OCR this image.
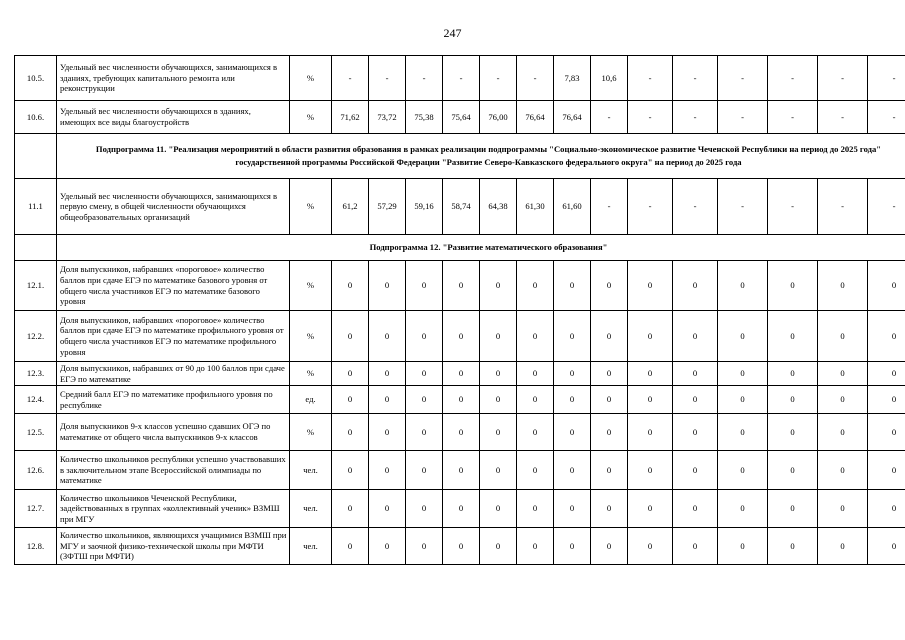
247
10.5.	Удельный вес численности обучающихся, занимающихся в зданиях, требующих капитального ремонта или реконструкции	%	-	-	-	-	-	-	7,83	10,6	-	-	-	-	-	-
10.6.	Удельный вес численности обучающихся в зданиях, имеющих все виды благоустройств	%	71,62	73,72	75,38	75,64	76,00	76,64	76,64	-	-	-	-	-	-	-
	Подпрограмма 11. "Реализация мероприятий в области развития образования в рамках реализации подпрограммы "Социально-экономическое развитие Чеченской Республики на период до 2025 года" государственной программы Российской Федерации "Развитие Северо-Кавказского федерального округа" на период до 2025 года															
11.1	Удельный вес численности обучающихся, занимающихся в первую смену, в общей численности обучающихся общеобразовательных организаций	%	61,2	57,29	59,16	58,74	64,38	61,30	61,60	-	-	-	-	-	-	-
	Подпрограмма 12. "Развитие математического образования"															
12.1.	Доля выпускников, набравших «пороговое» количество баллов при сдаче ЕГЭ по математике базового уровня от общего числа участников ЕГЭ по математике базового уровня	%	0	0	0	0	0	0	0	0	0	0	0	0	0	0
12.2.	Доля выпускников, набравших «пороговое» количество баллов при сдаче ЕГЭ по математике профильного уровня от общего числа участников ЕГЭ по математике профильного уровня	%	0	0	0	0	0	0	0	0	0	0	0	0	0	0
12.3.	Доля выпускников, набравших от 90 до 100 баллов при сдаче ЕГЭ по математике	%	0	0	0	0	0	0	0	0	0	0	0	0	0	0
12.4.	Средний балл ЕГЭ по математике профильного уровня по республике	ед.	0	0	0	0	0	0	0	0	0	0	0	0	0	0
12.5.	Доля выпускников 9-х классов успешно сдавших ОГЭ по математике от общего числа выпускников 9-х классов	%	0	0	0	0	0	0	0	0	0	0	0	0	0	0
12.6.	Количество школьников республики успешно участвовавших в заключительном этапе Всероссийской олимпиады по математике	чел.	0	0	0	0	0	0	0	0	0	0	0	0	0	0
12.7.	Количество школьников Чеченской Республики, задействованных в группах «коллективный ученик» ВЗМШ при МГУ	чел.	0	0	0	0	0	0	0	0	0	0	0	0	0	0
12.8.	Количество школьников, являющихся учащимися ВЗМШ при МГУ и заочной физико-технической школы при МФТИ (ЗФТШ при МФТИ)	чел.	0	0	0	0	0	0	0	0	0	0	0	0	0	0
